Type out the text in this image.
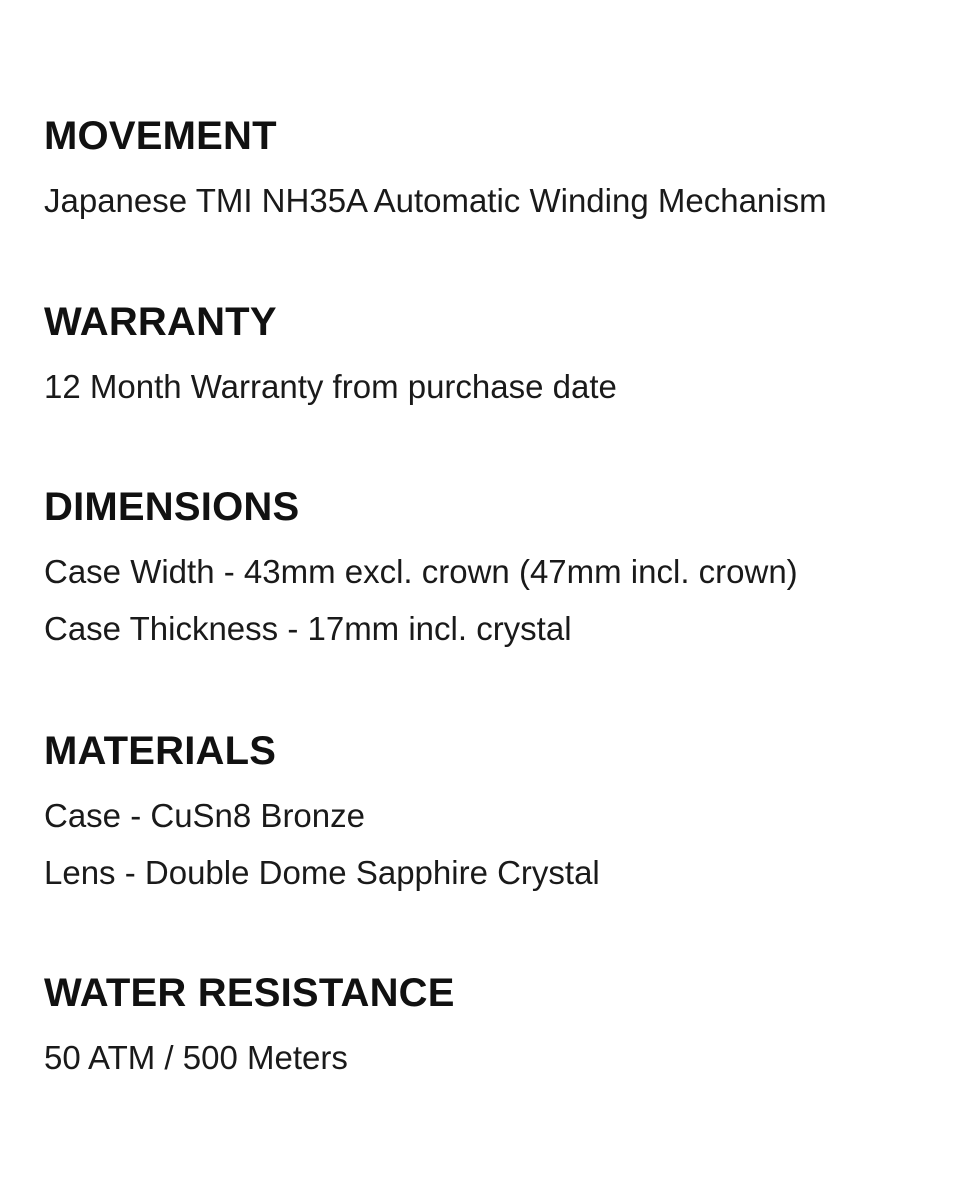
MOVEMENT

Japanese TMI NH35A Automatic Winding Mechanism

WARRANTY

12 Month Warranty from purchase date

DIMENSIONS

Case Width - 43mm excl. crown (47mm incl. crown)

Case Thickness - 17mm incl. crystal

MATERIALS

Case - CuSn8 Bronze

Lens - Double Dome Sapphire Crystal

WATER RESISTANCE

50 ATM / 500 Meters
